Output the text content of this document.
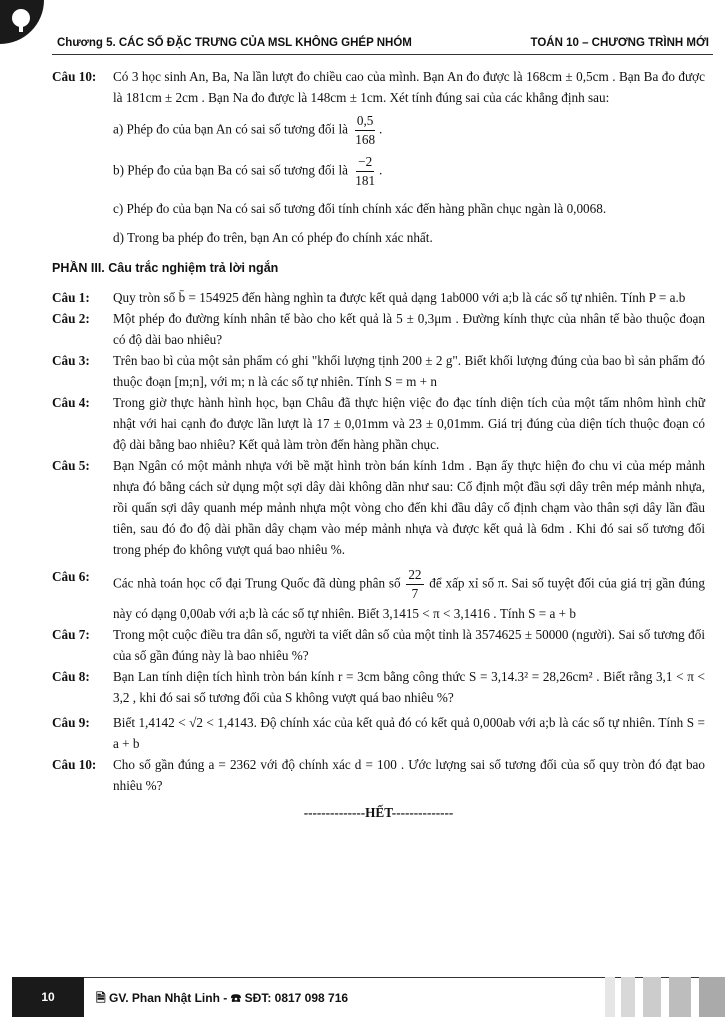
Chương 5. CÁC SỐ ĐẶC TRƯNG CỦA MSL KHÔNG GHÉP NHÓM	TOÁN 10 – CHƯƠNG TRÌNH MỚI
Câu 10:	Có 3 học sinh An, Ba, Na lần lượt đo chiều cao của mình. Bạn An đo được là 168cm ± 0,5cm . Bạn Ba đo được là 181cm ± 2cm . Bạn Na đo được là 148cm ± 1cm. Xét tính đúng sai của các khẳng định sau:
a) Phép đo của bạn An có sai số tương đối là $\frac{0,5}{168}$ .
b) Phép đo của bạn Ba có sai số tương đối là $\frac{-2}{181}$ .
c) Phép đo của bạn Na có sai số tương đối tính chính xác đến hàng phần chục ngàn là 0,0068.
d) Trong ba phép đo trên, bạn An có phép đo chính xác nhất.
PHẦN III. Câu trắc nghiệm trả lời ngắn
Câu 1:	Quy tròn số b̄ = 154925 đến hàng nghìn ta được kết quả dạng 1ab000 với a;b là các số tự nhiên. Tính P = a.b
Câu 2:	Một phép đo đường kính nhân tế bào cho kết quả là 5 ± 0,3μm . Đường kính thực của nhân tế bào thuộc đoạn có độ dài bao nhiêu?
Câu 3:	Trên bao bì của một sản phẩm có ghi "khối lượng tịnh 200 ± 2 g". Biết khối lượng đúng của bao bì sản phẩm đó thuộc đoạn [m;n], với m; n là các số tự nhiên. Tính S = m + n
Câu 4:	Trong giờ thực hành hình học, bạn Châu đã thực hiện việc đo đạc tính diện tích của một tấm nhôm hình chữ nhật với hai cạnh đo được lần lượt là 17 ± 0,01mm và 23 ± 0,01mm. Giá trị đúng của diện tích thuộc đoạn có độ dài bằng bao nhiêu? Kết quả làm tròn đến hàng phần chục.
Câu 5:	Bạn Ngân có một mảnh nhựa với bề mặt hình tròn bán kính 1dm . Bạn ấy thực hiện đo chu vi của mép mảnh nhựa đó bằng cách sử dụng một sợi dây dài không dãn như sau: Cố định một đầu sợi dây trên mép mảnh nhựa, rồi quấn sợi dây quanh mép mảnh nhựa một vòng cho đến khi đầu dây cố định chạm vào thân sợi dây lần đầu tiên, sau đó đo độ dài phần dây chạm vào mép mảnh nhựa và được kết quả là 6dm . Khi đó sai số tương đối trong phép đo không vượt quá bao nhiêu %.
Câu 6:	Các nhà toán học cổ đại Trung Quốc đã dùng phân số $\frac{22}{7}$ để xấp xỉ số π. Sai số tuyệt đối của giá trị gần đúng này có dạng 0,00ab với a;b là các số tự nhiên. Biết 3,1415 < π < 3,1416 . Tính S = a + b
Câu 7:	Trong một cuộc điều tra dân số, người ta viết dân số của một tỉnh là 3574625 ± 50000 (người). Sai số tương đối của số gần đúng này là bao nhiêu %?
Câu 8:	Bạn Lan tính diện tích hình tròn bán kính r = 3cm bằng công thức S = 3,14.3² = 28,26cm² . Biết rằng 3,1 < π < 3,2 , khi đó sai số tương đối của S không vượt quá bao nhiêu %?
Câu 9:	Biết 1,4142 < √2 < 1,4143. Độ chính xác của kết quả đó có kết quả 0,000ab với a;b là các số tự nhiên. Tính S = a + b
Câu 10:	Cho số gần đúng a = 2362 với độ chính xác d = 100 . Ước lượng sai số tương đối của số quy tròn đó đạt bao nhiêu %?
--------------HẾT--------------
10	🗎 GV. Phan Nhật Linh - ☎ SĐT: 0817 098 716
